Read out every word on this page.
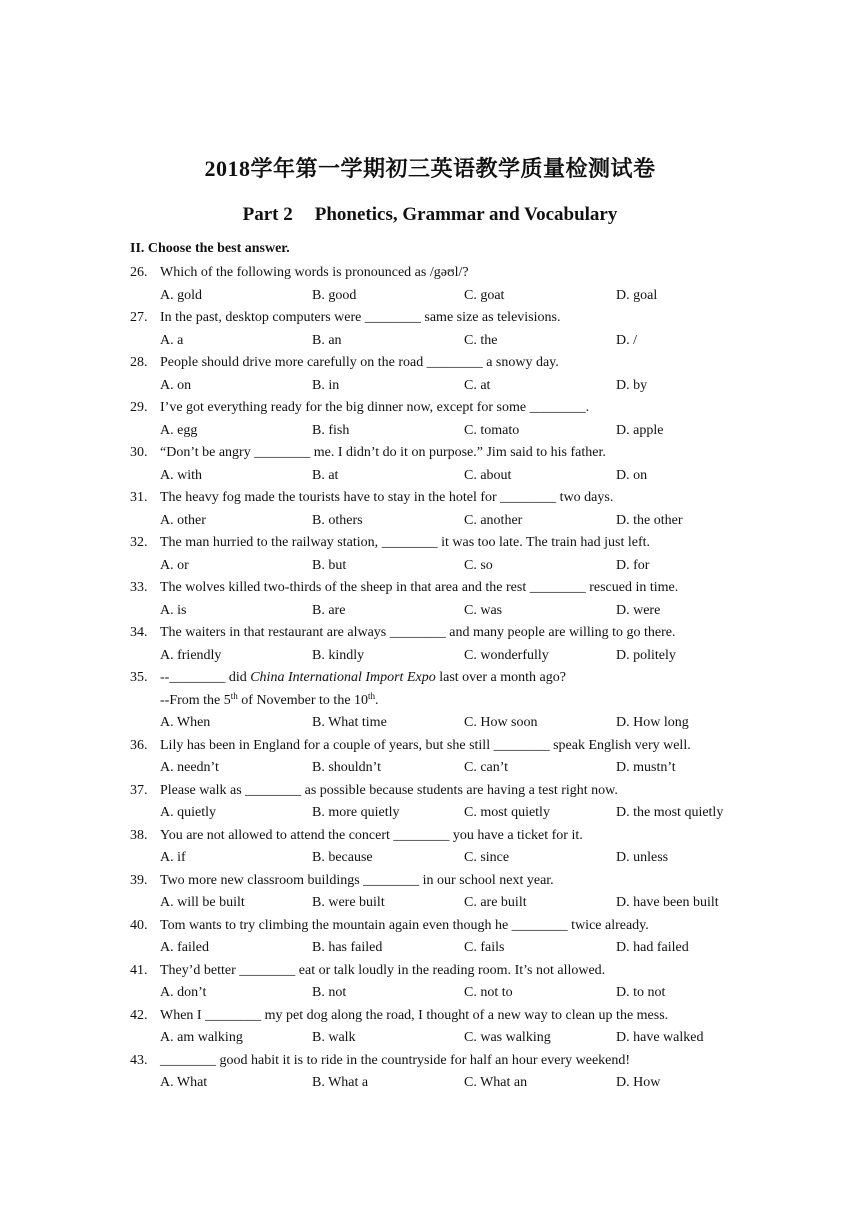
2018学年第一学期初三英语教学质量检测试卷
Part 2 Phonetics, Grammar and Vocabulary
II. Choose the best answer.
26. Which of the following words is pronounced as /gəʊl/?
A. gold	B. good	C. goat	D. goal
27. In the past, desktop computers were ________ same size as televisions.
A. a	B. an	C. the	D. /
28. People should drive more carefully on the road ________ a snowy day.
A. on	B. in	C. at	D. by
29. I’ve got everything ready for the big dinner now, except for some ________.
A. egg	B. fish	C. tomato	D. apple
30. “Don’t be angry ________ me. I didn’t do it on purpose.” Jim said to his father.
A. with	B. at	C. about	D. on
31. The heavy fog made the tourists have to stay in the hotel for ________ two days.
A. other	B. others	C. another	D. the other
32. The man hurried to the railway station, ________ it was too late. The train had just left.
A. or	B. but	C. so	D. for
33. The wolves killed two-thirds of the sheep in that area and the rest ________ rescued in time.
A. is	B. are	C. was	D. were
34. The waiters in that restaurant are always ________ and many people are willing to go there.
A. friendly	B. kindly	C. wonderfully	D. politely
35. --________ did China International Import Expo last over a month ago?
--From the 5th of November to the 10th.
A. When	B. What time	C. How soon	D. How long
36. Lily has been in England for a couple of years, but she still ________ speak English very well.
A. needn’t	B. shouldn’t	C. can’t	D. mustn’t
37. Please walk as ________ as possible because students are having a test right now.
A. quietly	B. more quietly	C. most quietly	D. the most quietly
38. You are not allowed to attend the concert ________ you have a ticket for it.
A. if	B. because	C. since	D. unless
39. Two more new classroom buildings ________ in our school next year.
A. will be built	B. were built	C. are built	D. have been built
40. Tom wants to try climbing the mountain again even though he ________ twice already.
A. failed	B. has failed	C. fails	D. had failed
41. They’d better ________ eat or talk loudly in the reading room. It’s not allowed.
A. don’t	B. not	C. not to	D. to not
42. When I ________ my pet dog along the road, I thought of a new way to clean up the mess.
A. am walking	B. walk	C. was walking	D. have walked
43. ________ good habit it is to ride in the countryside for half an hour every weekend!
A. What	B. What a	C. What an	D. How
